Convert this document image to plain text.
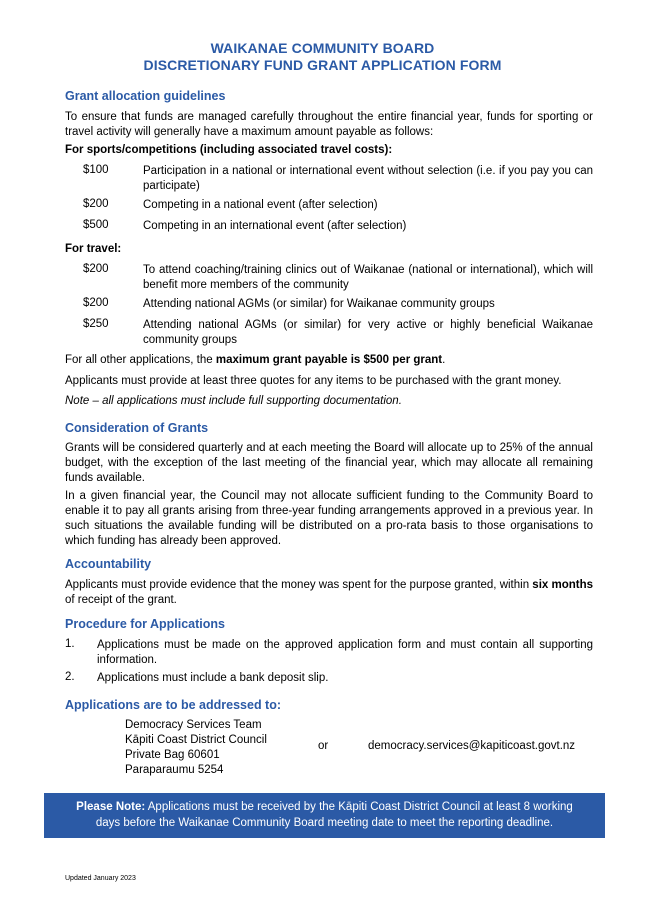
WAIKANAE COMMUNITY BOARD
DISCRETIONARY FUND GRANT APPLICATION FORM
Grant allocation guidelines
To ensure that funds are managed carefully throughout the entire financial year, funds for sporting or travel activity will generally have a maximum amount payable as follows:
For sports/competitions (including associated travel costs):
$100	Participation in a national or international event without selection (i.e. if you pay you can participate)
$200	Competing in a national event (after selection)
$500	Competing in an international event (after selection)
For travel:
$200	To attend coaching/training clinics out of Waikanae (national or international), which will benefit more members of the community
$200	Attending national AGMs (or similar) for Waikanae community groups
$250	Attending national AGMs (or similar) for very active or highly beneficial Waikanae community groups
For all other applications, the maximum grant payable is $500 per grant.
Applicants must provide at least three quotes for any items to be purchased with the grant money.
Note – all applications must include full supporting documentation.
Consideration of Grants
Grants will be considered quarterly and at each meeting the Board will allocate up to 25% of the annual budget, with the exception of the last meeting of the financial year, which may allocate all remaining funds available.
In a given financial year, the Council may not allocate sufficient funding to the Community Board to enable it to pay all grants arising from three-year funding arrangements approved in a previous year. In such situations the available funding will be distributed on a pro-rata basis to those organisations to which funding has already been approved.
Accountability
Applicants must provide evidence that the money was spent for the purpose granted, within six months of receipt of the grant.
Procedure for Applications
1. Applications must be made on the approved application form and must contain all supporting information.
2. Applications must include a bank deposit slip.
Applications are to be addressed to:
Democracy Services Team
Kāpiti Coast District Council
Private Bag 60601
Paraparaumu 5254
or	democracy.services@kapiticoast.govt.nz
Please Note: Applications must be received by the Kāpiti Coast District Council at least 8 working
days before the Waikanae Community Board meeting date to meet the reporting deadline.
Updated January 2023
